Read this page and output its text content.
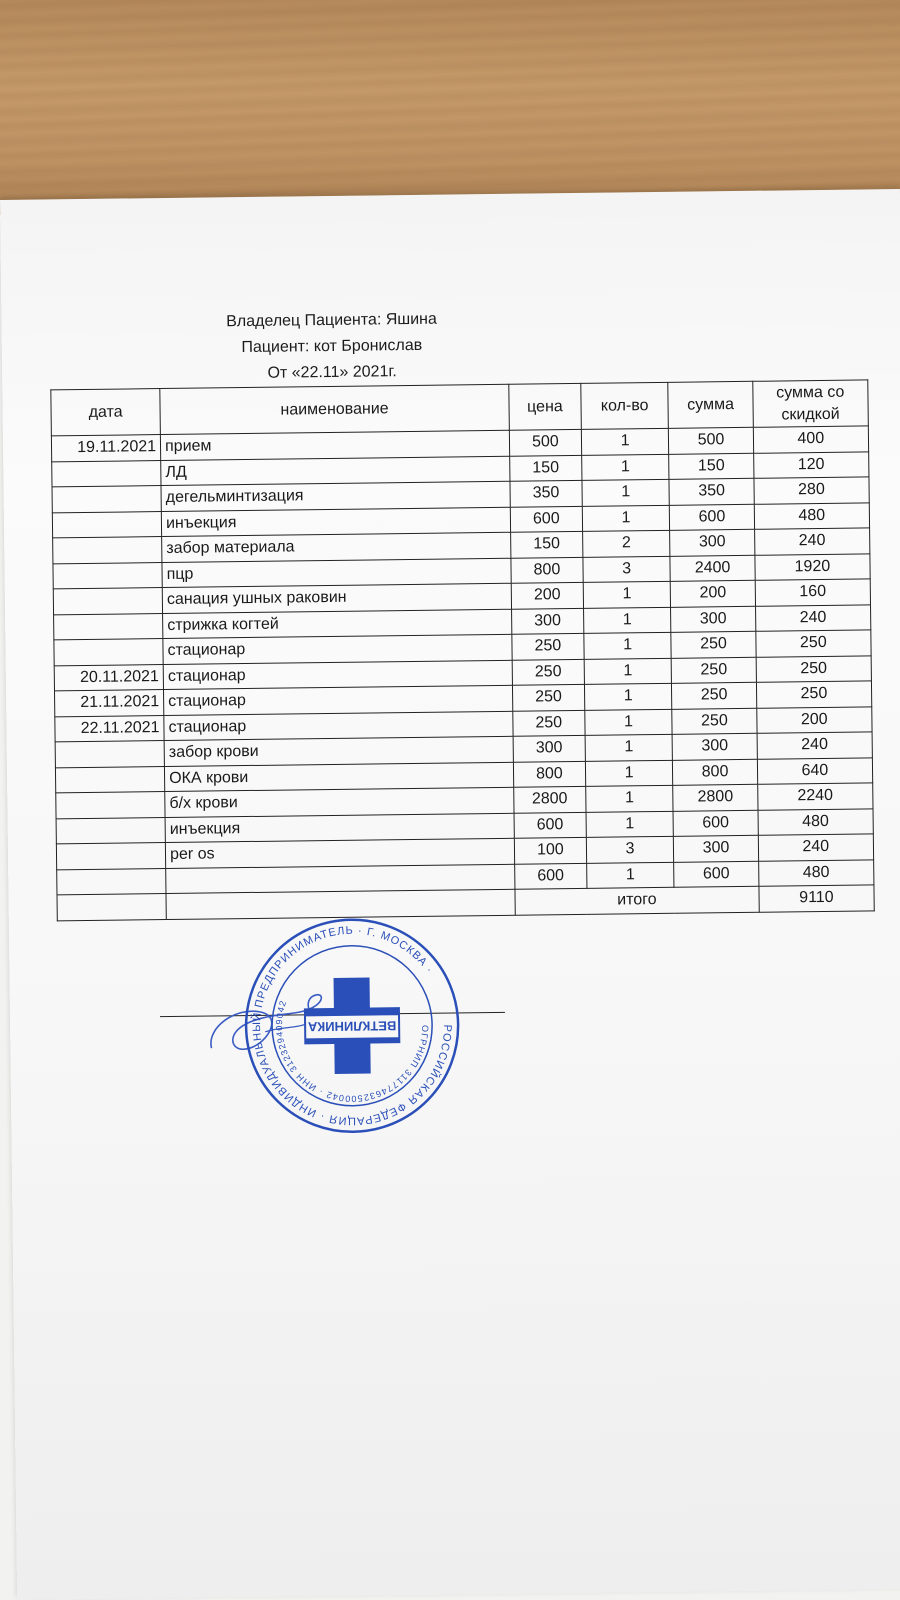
Владелец Пациента: Яшина
Пациент: кот Бронислав
От «22.11» 2021г.
дата	наименование	цена	кол-во	сумма	сумма со скидкой
19.11.2021	прием	500	1	500	400
	ЛД	150	1	150	120
	дегельминтизация	350	1	350	280
	инъекция	600	1	600	480
	забор материала	150	2	300	240
	пцр	800	3	2400	1920
	санация ушных раковин	200	1	200	160
	стрижка когтей	300	1	300	240
	стационар	250	1	250	250
20.11.2021	стационар	250	1	250	250
21.11.2021	стационар	250	1	250	250
22.11.2021	стационар	250	1	250	200
	забор крови	300	1	300	240
	ОКА крови	800	1	800	640
	б/х крови	2800	1	2800	2240
	инъекция	600	1	600	480
	per os	100	3	300	240
		600	1	600	480
		итого			9110
РОССИЙСКАЯ ФЕДЕРАЦИЯ · ИНДИВИДУАЛЬНЫЙ ПРЕДПРИНИМАТЕЛЬ · Г. МОСКВА ·
ОГРНИП 311774632500042 · ИНН 312329409042
ВЕТКЛИНИКА
